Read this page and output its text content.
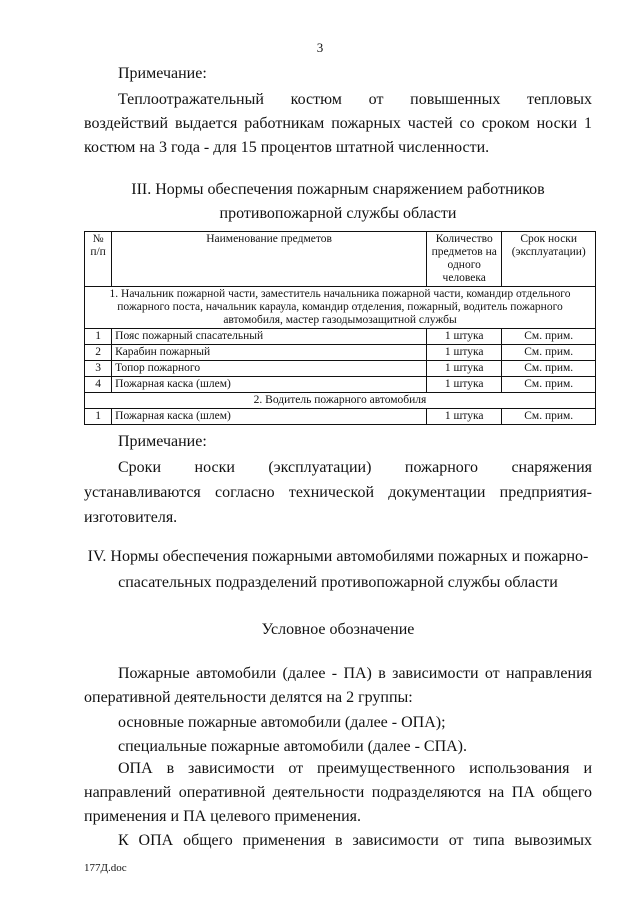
3

Примечание:

Теплоотражательный костюм от повышенных тепловых

воздействий выдается работникам пожарных частей со сроком носки 1

костюм на 3 года - для 15 процентов штатной численности.

III. Нормы обеспечения пожарным снаряжением работников
противопожарной службы области
№ п/п	Наименование предметов	Количество предметов на одного человека	Срок носки (эксплуатации)
1. Начальник пожарной части, заместитель начальника пожарной части, командир отдельного пожарного поста, начальник караула, командир отделения, пожарный, водитель пожарного автомобиля, мастер газодымозащитной службы			
1	Пояс пожарный спасательный	1 штука	См. прим.
2	Карабин пожарный	1 штука	См. прим.
3	Топор пожарного	1 штука	См. прим.
4	Пожарная каска (шлем)	1 штука	См. прим.
2. Водитель пожарного автомобиля			
1	Пожарная каска (шлем)	1 штука	См. прим.

Примечание:

Сроки носки (эксплуатации) пожарного снаряжения

устанавливаются согласно технической документации предприятия-

изготовителя.

IV. Нормы обеспечения пожарными автомобилями пожарных и пожарно-
спасательных подразделений противопожарной службы области
Условное обозначение

Пожарные автомобили (далее - ПА) в зависимости от направления

оперативной деятельности делятся на 2 группы:

основные пожарные автомобили (далее - ОПА);

специальные пожарные автомобили (далее - СПА).

ОПА в зависимости от преимущественного использования и

направлений оперативной деятельности подразделяются на ПА общего

применения и ПА целевого применения.

К ОПА общего применения в зависимости от типа вывозимых

177Д.doc
